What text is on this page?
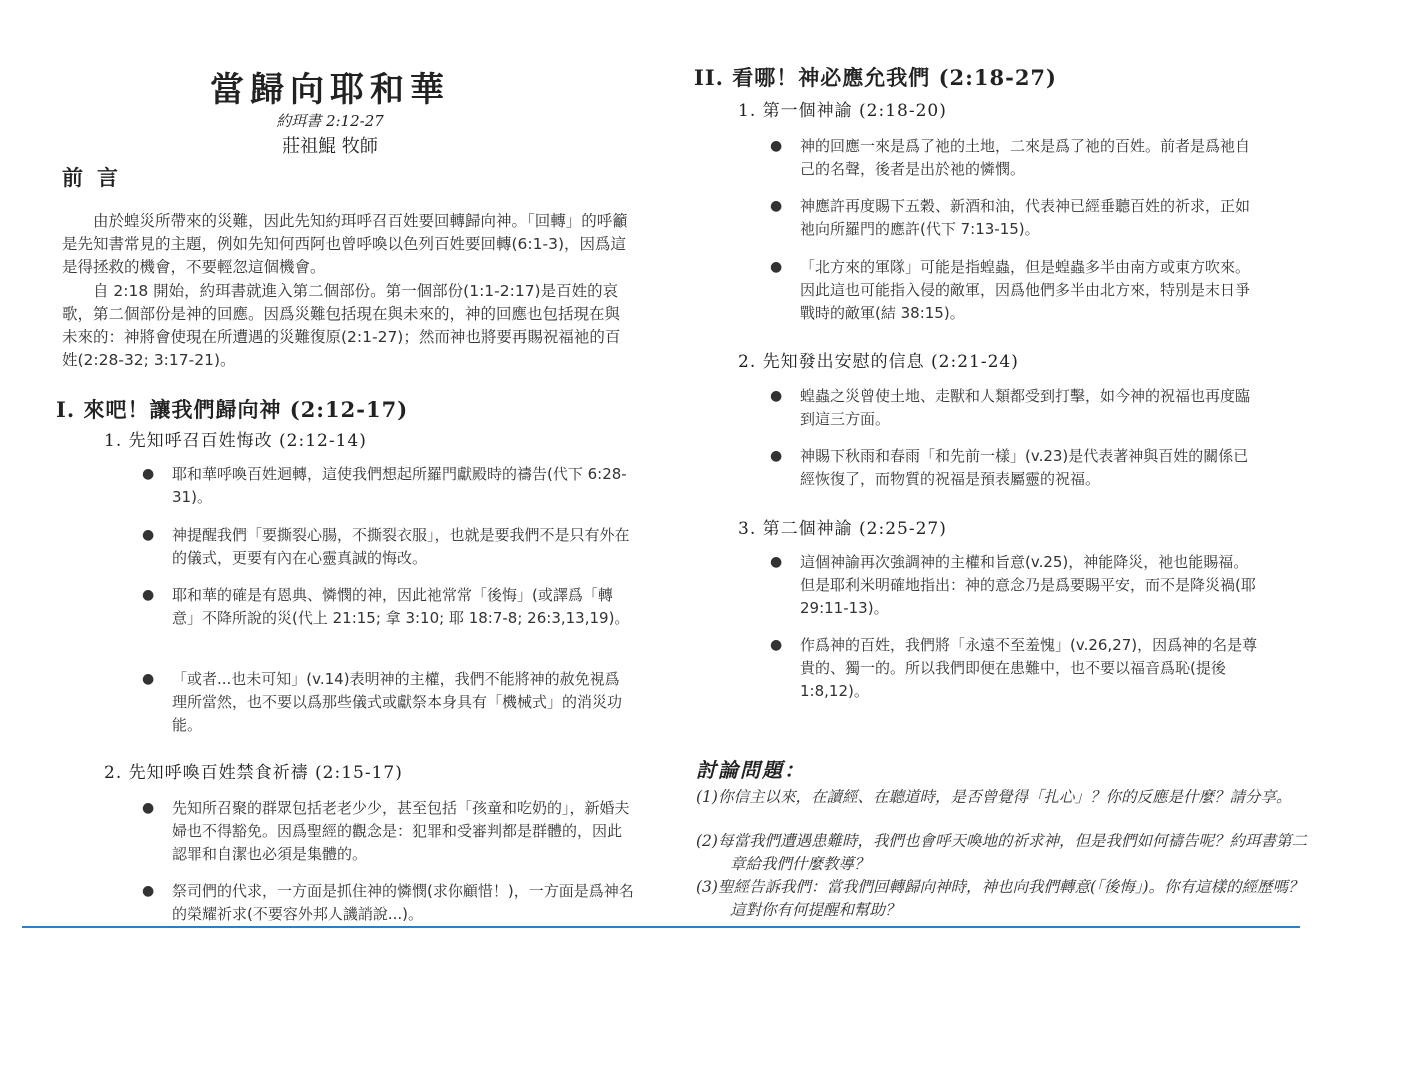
當歸向耶和華
約珥書 2:12-27
莊祖鯤 牧師
前言

由於蝗災所帶來的災難，因此先知約珥呼召百姓要回轉歸向神。「回轉」的呼籲是先知書常見的主題，例如先知何西阿也曾呼喚以色列百姓要回轉(6:1-3)，因爲這是得拯救的機會，不要輕忽這個機會。

自 2:18 開始，約珥書就進入第二個部份。第一個部份(1:1-2:17)是百姓的哀歌，第二個部份是神的回應。因爲災難包括現在與未來的，神的回應也包括現在與未來的：神將會使現在所遭遇的災難復原(2:1-27)；然而神也將要再賜祝福祂的百姓(2:28-32; 3:17-21)。

I. 來吧！讓我們歸向神 (2:12-17)
1. 先知呼召百姓悔改 (2:12-14)

● 耶和華呼喚百姓迴轉，這使我們想起所羅門獻殿時的禱告(代下 6:28-31)。

● 神提醒我們「要撕裂心腸，不撕裂衣服」，也就是要我們不是只有外在的儀式，更要有內在心靈真誠的悔改。

● 耶和華的確是有恩典、憐憫的神，因此祂常常「後悔」(或譯爲「轉意」不降所說的災(代上 21:15; 拿 3:10; 耶 18:7-8; 26:3,13,19)。

● 「或者...也未可知」(v.14)表明神的主權，我們不能將神的赦免視爲理所當然，也不要以爲那些儀式或獻祭本身具有「機械式」的消災功能。

2. 先知呼喚百姓禁食祈禱 (2:15-17)

● 先知所召聚的群眾包括老老少少，甚至包括「孩童和吃奶的」，新婚夫婦也不得豁免。因爲聖經的觀念是：犯罪和受審判都是群體的，因此認罪和自潔也必須是集體的。

● 祭司們的代求，一方面是抓住神的憐憫(求你顧惜！)，一方面是爲神名的榮耀祈求(不要容外邦人譏誚說...)。

II. 看哪！神必應允我們 (2:18-27)
1. 第一個神諭 (2:18-20)

● 神的回應一來是爲了祂的土地，二來是爲了祂的百姓。前者是爲祂自己的名聲，後者是出於祂的憐憫。

● 神應許再度賜下五穀、新酒和油，代表神已經垂聽百姓的祈求，正如祂向所羅門的應許(代下 7:13-15)。

● 「北方來的軍隊」可能是指蝗蟲，但是蝗蟲多半由南方或東方吹來。因此這也可能指入侵的敵軍，因爲他們多半由北方來，特別是末日爭戰時的敵軍(結 38:15)。

2. 先知發出安慰的信息 (2:21-24)

● 蝗蟲之災曾使土地、走獸和人類都受到打擊，如今神的祝福也再度臨到這三方面。

● 神賜下秋雨和春雨「和先前一樣」(v.23)是代表著神與百姓的關係已經恢復了，而物質的祝福是預表屬靈的祝福。

3. 第二個神諭 (2:25-27)

● 這個神諭再次強調神的主權和旨意(v.25)，神能降災，祂也能賜福。但是耶利米明確地指出：神的意念乃是爲要賜平安，而不是降災禍(耶 29:11-13)。

● 作爲神的百姓，我們將「永遠不至羞愧」(v.26,27)，因爲神的名是尊貴的、獨一的。所以我們即便在患難中，也不要以福音爲恥(提後 1:8,12)。

討論問題：

(1)你信主以來，在讀經、在聽道時，是否曾覺得「扎心」？你的反應是什麼？請分享。

(2)每當我們遭遇患難時，我們也會呼天喚地的祈求神，但是我們如何禱告呢？約珥書第二章給我們什麼教導？

(3)聖經告訴我們：當我們回轉歸向神時，神也向我們轉意(「後悔」)。你有這樣的經歷嗎？這對你有何提醒和幫助？
